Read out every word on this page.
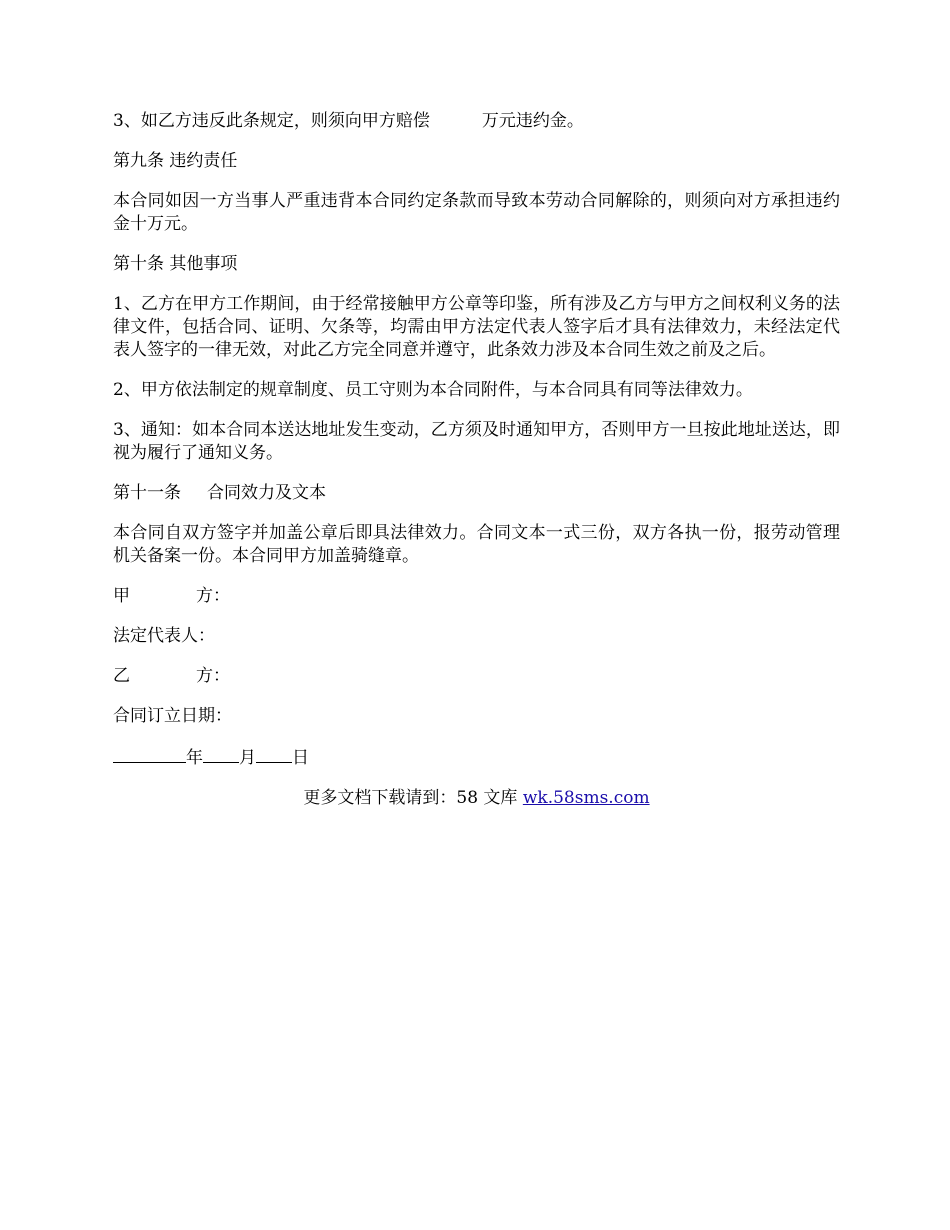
3、如乙方违反此条规定，则须向甲方赔偿	万元违约金。

第九条 违约责任

本合同如因一方当事人严重违背本合同约定条款而导致本劳动合同解除的，则须向对方承担违约金十万元。

第十条 其他事项

1、乙方在甲方工作期间，由于经常接触甲方公章等印鉴，所有涉及乙方与甲方之间权利义务的法律文件，包括合同、证明、欠条等，均需由甲方法定代表人签字后才具有法律效力，未经法定代表人签字的一律无效，对此乙方完全同意并遵守，此条效力涉及本合同生效之前及之后。

2、甲方依法制定的规章制度、员工守则为本合同附件，与本合同具有同等法律效力。

3、通知：如本合同本送达地址发生变动，乙方须及时通知甲方，否则甲方一旦按此地址送达，即视为履行了通知义务。

第十一条 合同效力及文本

本合同自双方签字并加盖公章后即具法律效力。合同文本一式三份，双方各执一份，报劳动管理机关备案一份。本合同甲方加盖骑缝章。

甲	方：

法定代表人：

乙	方：

合同订立日期：

年 月 日

更多文档下载请到：58 文库 wk.58sms.com
